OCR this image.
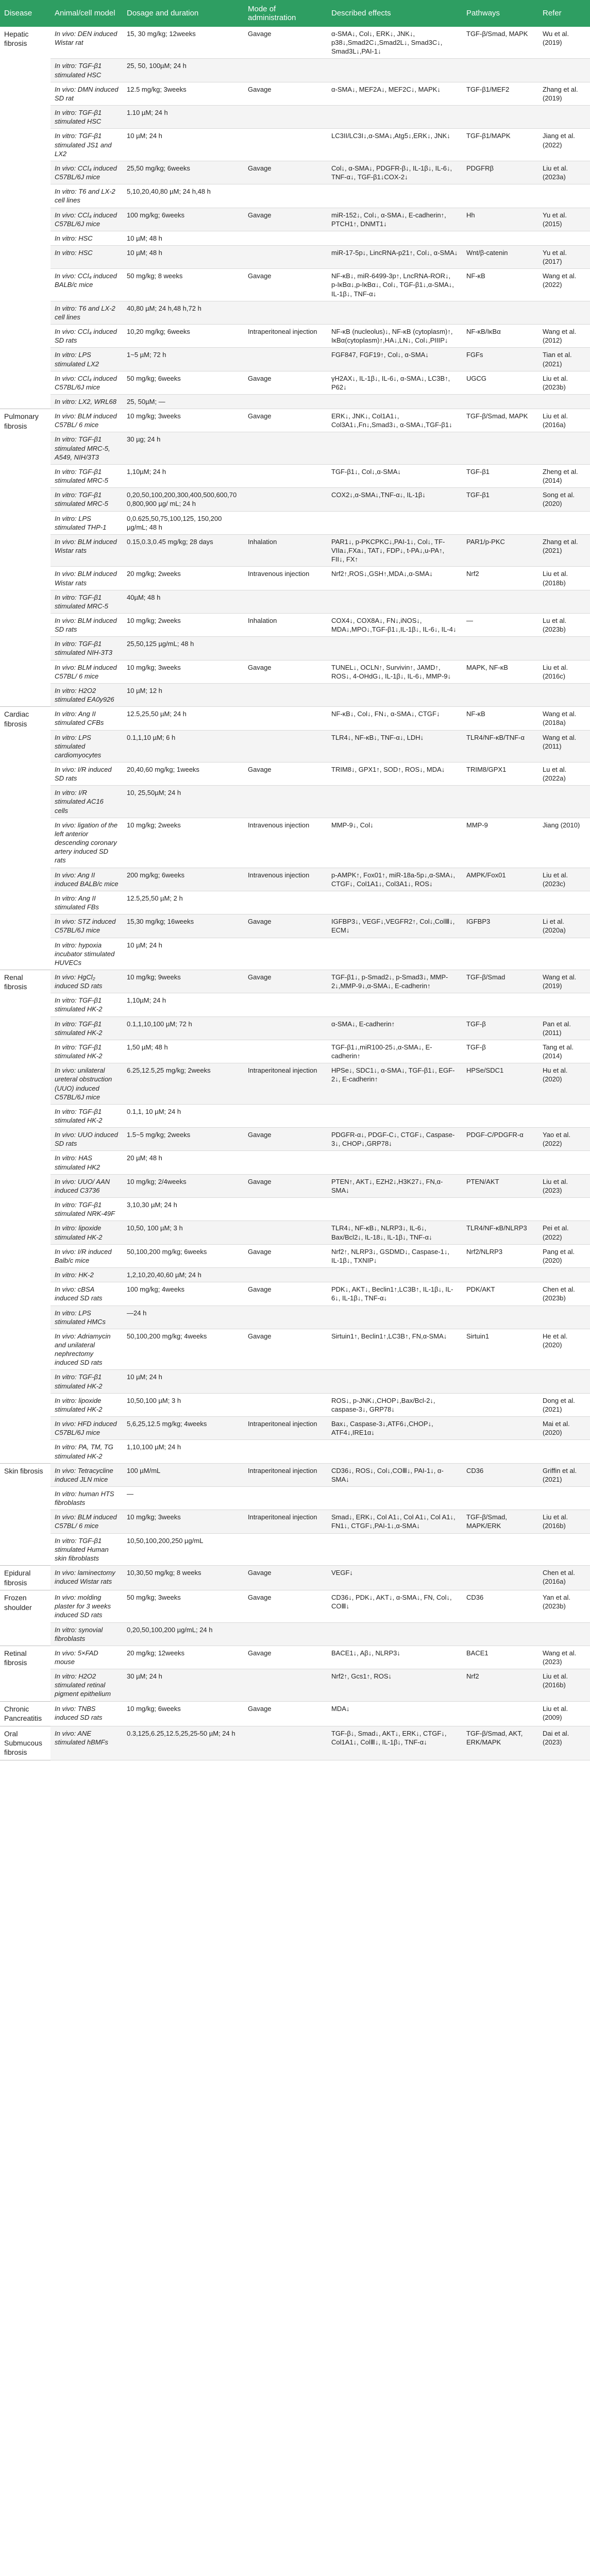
Disease	Animal/cell model	Dosage and duration	Mode of administration	Described effects	Pathways	Refer
Hepatic fibrosis	In vivo: DEN induced Wistar rat	15, 30 mg/kg; 12weeks	Gavage	α-SMA↓, Col↓, ERK↓, JNK↓, p38↓,Smad2C↓,Smad2L↓, Smad3C↓, Smad3L↓,PAI-1↓	TGF-β/Smad, MAPK	Wu et al. (2019)
	In vitro: TGF-β1 stimulated HSC	25, 50, 100µM; 24 h				
	In vivo: DMN induced SD rat	12.5 mg/kg; 3weeks	Gavage	α-SMA↓, MEF2A↓, MEF2C↓, MAPK↓	TGF-β1/MEF2	Zhang et al. (2019)
	In vitro: TGF-β1 stimulated HSC	1.10 µM; 24 h				
	In vitro: TGF-β1 stimulated JS1 and LX2	10 µM; 24 h		LC3II/LC3I↓,α-SMA↓,Atg5↓,ERK↓, JNK↓	TGF-β1/MAPK	Jiang et al. (2022)
	In vivo: CCl₄ induced C57BL/6J mice	25,50 mg/kg; 6weeks	Gavage	Col↓, α-SMA↓, PDGFR-β↓, IL-1β↓, IL-6↓, TNF-α↓, TGF-β1↓COX-2↓	PDGFRβ	Liu et al. (2023a)
	In vitro: T6 and LX-2 cell lines	5,10,20,40,80 µM; 24 h,48 h				
	In vivo: CCl₄ induced C57BL/6J mice	100 mg/kg; 6weeks	Gavage	miR-152↓, Col↓, α-SMA↓, E-cadherin↑, PTCH1↑, DNMT1↓	Hh	Yu et al. (2015)
	In vitro: HSC	10 µM; 48 h				
	In vitro: HSC	10 µM; 48 h		miR-17-5p↓, LincRNA-p21↑, Col↓, α-SMA↓	Wnt/β-catenin	Yu et al. (2017)
	In vivo: CCl₄ induced BALB/c mice	50 mg/kg; 8 weeks	Gavage	NF-κB↓, miR-6499-3p↑, LncRNA-ROR↓, p-IκBα↓,p-IκBα↓, Col↓, TGF-β1↓,α-SMA↓, IL-1β↓, TNF-α↓	NF-κB	Wang et al. (2022)
	In vitro: T6 and LX-2 cell lines	40,80 µM; 24 h,48 h,72 h				
	In vivo: CCl₄ induced SD rats	10,20 mg/kg; 6weeks	Intraperitoneal injection	NF-κB (nucleolus)↓, NF-κB (cytoplasm)↑, IκBα(cytoplasm)↑,HA↓,LN↓, Col↓,PIIIP↓	NF-κB/IκBα	Wang et al. (2012)
	In vitro: LPS stimulated LX2	1~5 µM; 72 h		FGF847, FGF19↑, Col↓, α-SMA↓	FGFs	Tian et al. (2021)
	In vivo: CCl₄ induced C57BL/6J mice	50 mg/kg; 6weeks	Gavage	γH2AX↓, IL-1β↓, IL-6↓, α-SMA↓, LC3B↑, P62↓	UGCG	Liu et al. (2023b)
	In vitro: LX2, WRL68	25, 50µM; —				
Pulmonary fibrosis	In vivo: BLM induced C57BL/ 6 mice	10 mg/kg; 3weeks	Gavage	ERK↓, JNK↓, Col1A1↓, Col3A1↓,Fn↓,Smad3↓, α-SMA↓,TGF-β1↓	TGF-β/Smad, MAPK	Liu et al. (2016a)
	In vitro: TGF-β1 stimulated MRC-5, A549, NIH/3T3	30 µg; 24 h				
	In vitro: TGF-β1 stimulated MRC-5	1,10µM; 24 h		TGF-β1↓, Col↓,α-SMA↓	TGF-β1	Zheng et al. (2014)
	In vitro: TGF-β1 stimulated MRC-5	0,20,50,100,200,300,400,500,600,700,800,900 µg/ mL; 24 h		COX2↓,α-SMA↓,TNF-α↓, IL-1β↓	TGF-β1	Song et al. (2020)
	In vitro: LPS stimulated THP-1	0,0.625,50,75,100,125, 150,200 µg/mL; 48 h				
	In vivo: BLM induced Wistar rats	0.15,0.3,0.45 mg/kg; 28 days	Inhalation	PAR1↓, p-PKCPKC↓,PAI-1↓, Col↓, TF-VIIa↓,FXa↓, TAT↓, FDP↓, t-PA↓,u-PA↑, FII↓, FX↑	PAR1/p-PKC	Zhang et al. (2021)
	In vivo: BLM induced Wistar rats	20 mg/kg; 2weeks	Intravenous injection	Nrf2↑,ROS↓,GSH↑,MDA↓,α-SMA↓	Nrf2	Liu et al. (2018b)
	In vitro: TGF-β1 stimulated MRC-5	40µM; 48 h				
	In vivo: BLM induced SD rats	10 mg/kg; 2weeks	Inhalation	COX4↓, COX8A↓, FN↓,iNOS↓, MDA↓,MPO↓,TGF-β1↓,IL-1β↓, IL-6↓, IL-4↓	—	Lu et al. (2023b)
	In vitro: TGF-β1 stimulated NIH-3T3	25,50,125 µg/mL; 48 h				
	In vivo: BLM induced C57BL/ 6 mice	10 mg/kg; 3weeks	Gavage	TUNEL↓, OCLN↑, Survivin↑, JAMD↑, ROS↓, 4-OHdG↓, IL-1β↓, IL-6↓, MMP-9↓	MAPK, NF-κB	Liu et al. (2016c)
	In vitro: H2O2 stimulated EA0y926	10 µM; 12 h				
Cardiac fibrosis	In vitro: Ang II stimulated CFBs	12.5,25,50 µM; 24 h		NF-κB↓, Col↓, FN↓, α-SMA↓, CTGF↓	NF-κB	Wang et al. (2018a)
	In vitro: LPS stimulated cardiomyocytes	0.1,1,10 µM; 6 h		TLR4↓, NF-κB↓, TNF-α↓, LDH↓	TLR4/NF-κB/TNF-α	Wang et al. (2011)
	In vivo: I/R induced SD rats	20,40,60 mg/kg; 1weeks	Gavage	TRIM8↓, GPX1↑, SOD↑, ROS↓, MDA↓	TRIM8/GPX1	Lu et al. (2022a)
	In vitro: I/R stimulated AC16 cells	10, 25,50µM; 24 h				
	In vivo: ligation of the left anterior descending coronary artery induced SD rats	10 mg/kg; 2weeks	Intravenous injection	MMP-9↓, Col↓	MMP-9	Jiang (2010)
	In vivo: Ang II induced BALB/c mice	200 mg/kg; 6weeks	Intravenous injection	p-AMPK↑, Fox01↑, miR-18a-5p↓,α-SMA↓, CTGF↓, Col1A1↓, Col3A1↓, ROS↓	AMPK/Fox01	Liu et al. (2023c)
	In vitro: Ang II stimulated FBs	12.5,25,50 µM; 2 h				
	In vivo: STZ induced C57BL/6J mice	15,30 mg/kg; 16weeks	Gavage	IGFBP3↓, VEGF↓,VEGFR2↑, Col↓,ColⅢ↓, ECM↓	IGFBP3	Li et al. (2020a)
	In vitro: hypoxia incubator stimulated HUVECs	10 µM; 24 h				
Renal fibrosis	In vivo: HgCl₂ induced SD rats	10 mg/kg; 9weeks	Gavage	TGF-β1↓, p-Smad2↓, p-Smad3↓, MMP-2↓,MMP-9↓,α-SMA↓, E-cadherin↑	TGF-β/Smad	Wang et al. (2019)
	In vitro: TGF-β1 stimulated HK-2	1,10µM; 24 h				
	In vitro: TGF-β1 stimulated HK-2	0.1,1,10,100 µM; 72 h		α-SMA↓, E-cadherin↑	TGF-β	Pan et al. (2011)
	In vitro: TGF-β1 stimulated HK-2	1,50 µM; 48 h		TGF-β1↓,miR100-25↓,α-SMA↓, E-cadherin↑	TGF-β	Tang et al. (2014)
	In vivo: unilateral ureteral obstruction (UUO) induced C57BL/6J mice	6.25,12.5,25 mg/kg; 2weeks	Intraperitoneal injection	HPSe↓, SDC1↓, α-SMA↓, TGF-β1↓, EGF-2↓, E-cadherin↑	HPSe/SDC1	Hu et al. (2020)
	In vitro: TGF-β1 stimulated HK-2	0.1,1, 10 µM; 24 h				
	In vivo: UUO induced SD rats	1.5~5 mg/kg; 2weeks	Gavage	PDGFR-α↓, PDGF-C↓, CTGF↓, Caspase-3↓, CHOP↓,GRP78↓	PDGF-C/PDGFR-α	Yao et al. (2022)
	In vitro: HAS stimulated HK2	20 µM; 48 h				
	In vivo: UUO/ AAN induced C3736	10 mg/kg; 2/4weeks	Gavage	PTEN↑, AKT↓, EZH2↓,H3K27↓, FN,α-SMA↓	PTEN/AKT	Liu et al. (2023)
	In vitro: TGF-β1 stimulated NRK-49F	3,10,30 µM; 24 h				
	In vitro: lipoxide stimulated HK-2	10,50, 100 µM; 3 h		TLR4↓, NF-κB↓, NLRP3↓, IL-6↓, Bax/Bcl2↓, IL-18↓, IL-1β↓, TNF-α↓	TLR4/NF-κB/NLRP3	Pei et al. (2022)
	In vivo: I/R induced Balb/c mice	50,100,200 mg/kg; 6weeks	Gavage	Nrf2↑, NLRP3↓, GSDMD↓, Caspase-1↓, IL-1β↓, TXNIP↓	Nrf2/NLRP3	Pang et al. (2020)
	In vitro: HK-2	1,2,10,20,40,60 µM; 24 h				
	In vivo: cBSA induced SD rats	100 mg/kg; 4weeks	Gavage	PDK↓, AKT↓, Beclin1↑,LC3B↑, IL-1β↓, IL-6↓, IL-1β↓, TNF-α↓	PDK/AKT	Chen et al. (2023b)
	In vitro: LPS stimulated HMCs	—24 h				
	In vivo: Adriamycin and unilateral nephrectomy induced SD rats	50,100,200 mg/kg; 4weeks	Gavage	Sirtuin1↑, Beclin1↑,LC3B↑, FN,α-SMA↓	Sirtuin1	He et al. (2020)
	In vitro: TGF-β1 stimulated HK-2	10 µM; 24 h				
	In vitro: lipoxide stimulated HK-2	10,50,100 µM; 3 h		ROS↓, p-JNK↓,CHOP↓,Bax/Bcl-2↓, caspase-3↓, GRP78↓		Dong et al. (2021)
	In vivo: HFD induced C57BL/6J mice	5,6,25,12.5 mg/kg; 4weeks	Intraperitoneal injection	Bax↓, Caspase-3↓,ATF6↓,CHOP↓, ATF4↓,IRE1α↓		Mai et al. (2020)
	In vitro: PA, TM, TG stimulated HK-2	1,10,100 µM; 24 h				
Skin fibrosis	In vivo: Tetracycline induced JLN mice	100 µM/mL	Intraperitoneal injection	CD36↓, ROS↓, Col↓,COⅢ↓, PAI-1↓, α-SMA↓	CD36	Griffin et al. (2021)
	In vitro: human HTS fibroblasts	—				
	In vivo: BLM induced C57BL/ 6 mice	10 mg/kg; 3weeks	Intraperitoneal injection	Smad↓, ERK↓, Col A1↓, Col A1↓, Col A1↓, FN1↓, CTGF↓,PAI-1↓,α-SMA↓	TGF-β/Smad, MAPK/ERK	Liu et al. (2016b)
	In vitro: TGF-β1 stimulated Human skin fibroblasts	10,50,100,200,250 µg/mL				
Epidural fibrosis	In vivo: laminectomy induced Wistar rats	10,30,50 mg/kg; 8 weeks	Gavage	VEGF↓		Chen et al. (2016a)
Frozen shoulder	In vivo: molding plaster for 3 weeks induced SD rats	50 mg/kg; 3weeks	Gavage	CD36↓, PDK↓, AKT↓, α-SMA↓, FN, Col↓, COⅢ↓	CD36	Yan et al. (2023b)
	In vitro: synovial fibroblasts	0,20,50,100,200 µg/mL; 24 h				
Retinal fibrosis	In vivo: 5×FAD mouse	20 mg/kg; 12weeks	Gavage	BACE1↓, Aβ↓, NLRP3↓	BACE1	Wang et al. (2023)
	In vitro: H2O2 stimulated retinal pigment epithelium	30 µM; 24 h		Nrf2↑, Gcs1↑, ROS↓	Nrf2	Liu et al. (2016b)
Chronic Pancreatitis	In vivo: TNBS induced SD rats	10 mg/kg; 6weeks	Gavage	MDA↓		Liu et al. (2009)
Oral Submucous fibrosis	In vivo: ANE stimulated hBMFs	0.3,125,6.25,12.5,25,25-50 µM; 24 h		TGF-β↓, Smad↓, AKT↓, ERK↓, CTGF↓, Col1A1↓, ColⅢ↓, IL-1β↓, TNF-α↓	TGF-β/Smad, AKT, ERK/MAPK	Dai et al. (2023)
